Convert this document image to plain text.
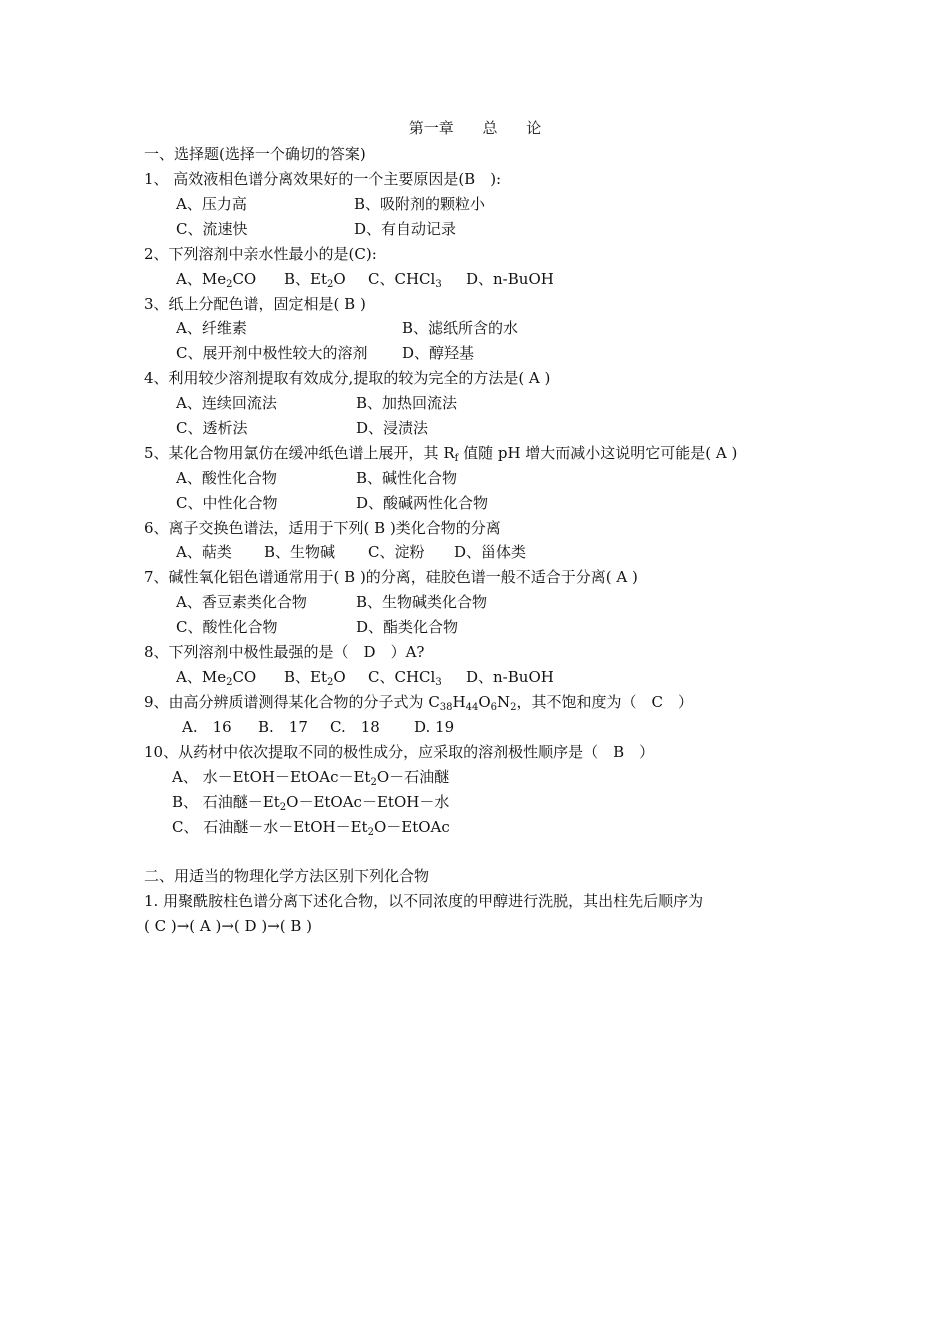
第一章 总 论
一、选择题(选择一个确切的答案)
1、 高效液相色谱分离效果好的一个主要原因是(B　):
A、压力高	B、吸附剂的颗粒小
C、流速快	D、有自动记录
2、下列溶剂中亲水性最小的是(C):
A、$Me_2CO$ B、$Et_2O$ C、CHCl$_3$ D、n-BuOH
3、纸上分配色谱，固定相是( B )
A、纤维素	B、滤纸所含的水
C、展开剂中极性较大的溶剂 D、醇羟基
4、利用较少溶剂提取有效成分,提取的较为完全的方法是( A )
A、连续回流法	B、加热回流法
C、透析法	D、浸渍法
5、某化合物用氯仿在缓冲纸色谱上展开，其 $R_f$ 值随 pH 增大而减小这说明它可能是( A )
A、酸性化合物	B、碱性化合物
C、中性化合物	D、酸碱两性化合物
6、离子交换色谱法，适用于下列( B )类化合物的分离
A、萜类 B、生物碱 C、淀粉 D、甾体类
7、碱性氧化铝色谱通常用于( B )的分离，硅胶色谱一般不适合于分离( A )
A、香豆素类化合物	B、生物碱类化合物
C、酸性化合物	D、酯类化合物
8、下列溶剂中极性最强的是（　D　）A?
A、$Me_2CO$ B、$Et_2O$ C、CHCl$_3$ D、n-BuOH
9、由高分辨质谱测得某化合物的分子式为 $C_{38}H_{44}O_6N_2$，其不饱和度为（　C　）
A.　16 B.　17 C.　18 D. 19
10、从药材中依次提取不同的极性成分，应采取的溶剂极性顺序是（　B　）
A、 水$-EtOH-EtOAc-Et_2O-$石油醚
B、 石油醚$-Et_2O-EtOAc-EtOH-$水
C、 石油醚－水$-EtOH-Et_2O-EtOAc$
二、用适当的物理化学方法区别下列化合物
1. 用聚酰胺柱色谱分离下述化合物，以不同浓度的甲醇进行洗脱，其出柱先后顺序为
( C )→( A )→( D )→( B )
